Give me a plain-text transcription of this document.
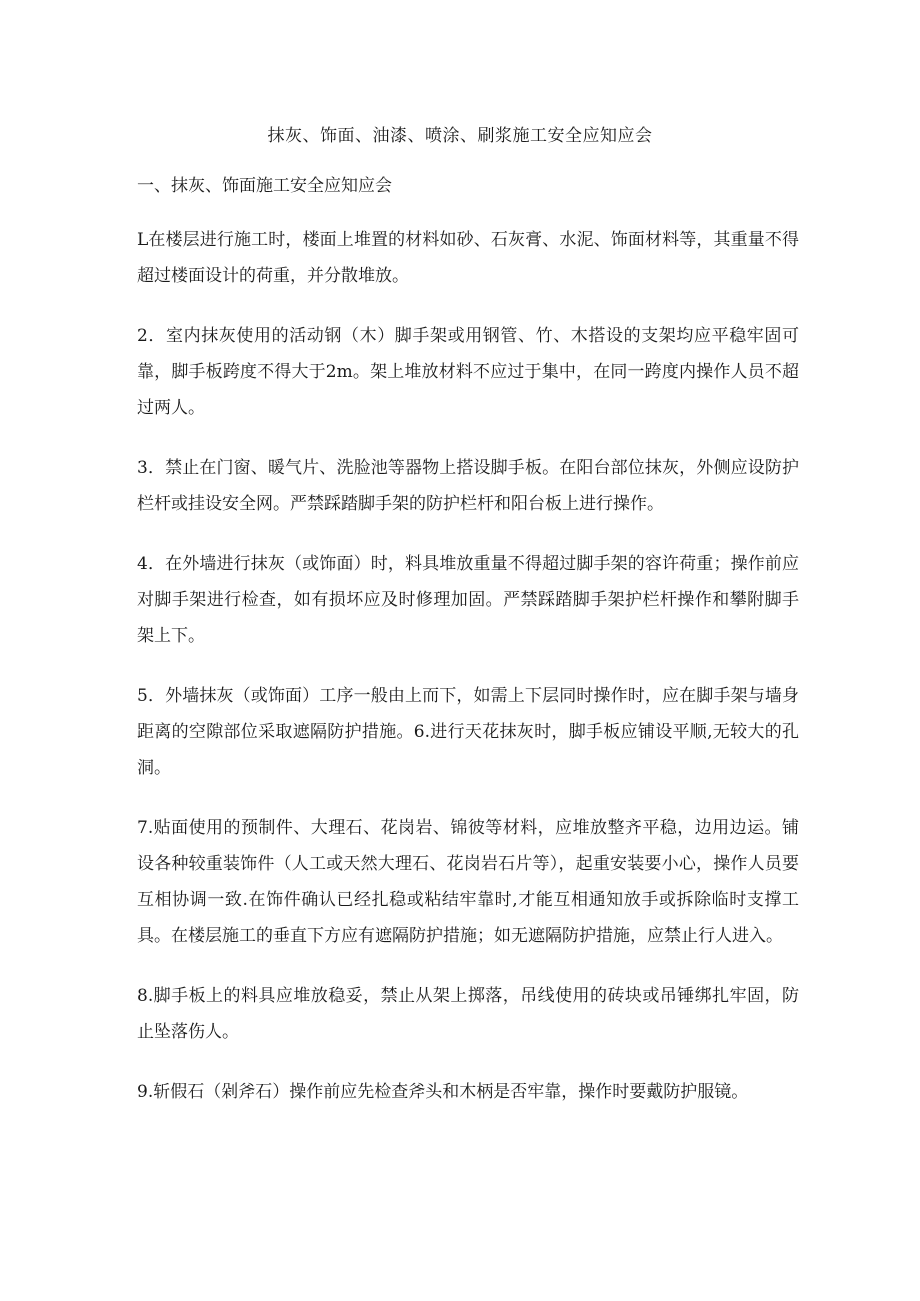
抹灰、饰面、油漆、喷涂、刷浆施工安全应知应会
一、抹灰、饰面施工安全应知应会

L在楼层进行施工时，楼面上堆置的材料如砂、石灰膏、水泥、饰面材料等，其重量不得超过楼面设计的荷重，并分散堆放。

2．室内抹灰使用的活动钢（木）脚手架或用钢管、竹、木搭设的支架均应平稳牢固可靠，脚手板跨度不得大于2m。架上堆放材料不应过于集中，在同一跨度内操作人员不超过两人。

3．禁止在门窗、暖气片、洗脸池等器物上搭设脚手板。在阳台部位抹灰，外侧应设防护栏杆或挂设安全网。严禁踩踏脚手架的防护栏杆和阳台板上进行操作。

4．在外墙进行抹灰（或饰面）时，料具堆放重量不得超过脚手架的容许荷重；操作前应对脚手架进行检查，如有损坏应及时修理加固。严禁踩踏脚手架护栏杆操作和攀附脚手架上下。

5．外墙抹灰（或饰面）工序一般由上而下，如需上下层同时操作时，应在脚手架与墙身距离的空隙部位采取遮隔防护措施。6.进行天花抹灰时，脚手板应铺设平顺,无较大的孔洞。

7.贴面使用的预制件、大理石、花岗岩、锦彼等材料，应堆放整齐平稳，边用边运。铺设各种较重装饰件（人工或天然大理石、花岗岩石片等），起重安装要小心，操作人员要互相协调一致.在饰件确认已经扎稳或粘结牢靠时,才能互相通知放手或拆除临时支撑工具。在楼层施工的垂直下方应有遮隔防护措施；如无遮隔防护措施，应禁止行人进入。

8.脚手板上的料具应堆放稳妥，禁止从架上掷落，吊线使用的砖块或吊锤绑扎牢固，防止坠落伤人。

9.斩假石（剁斧石）操作前应先检查斧头和木柄是否牢靠，操作时要戴防护服镜。
